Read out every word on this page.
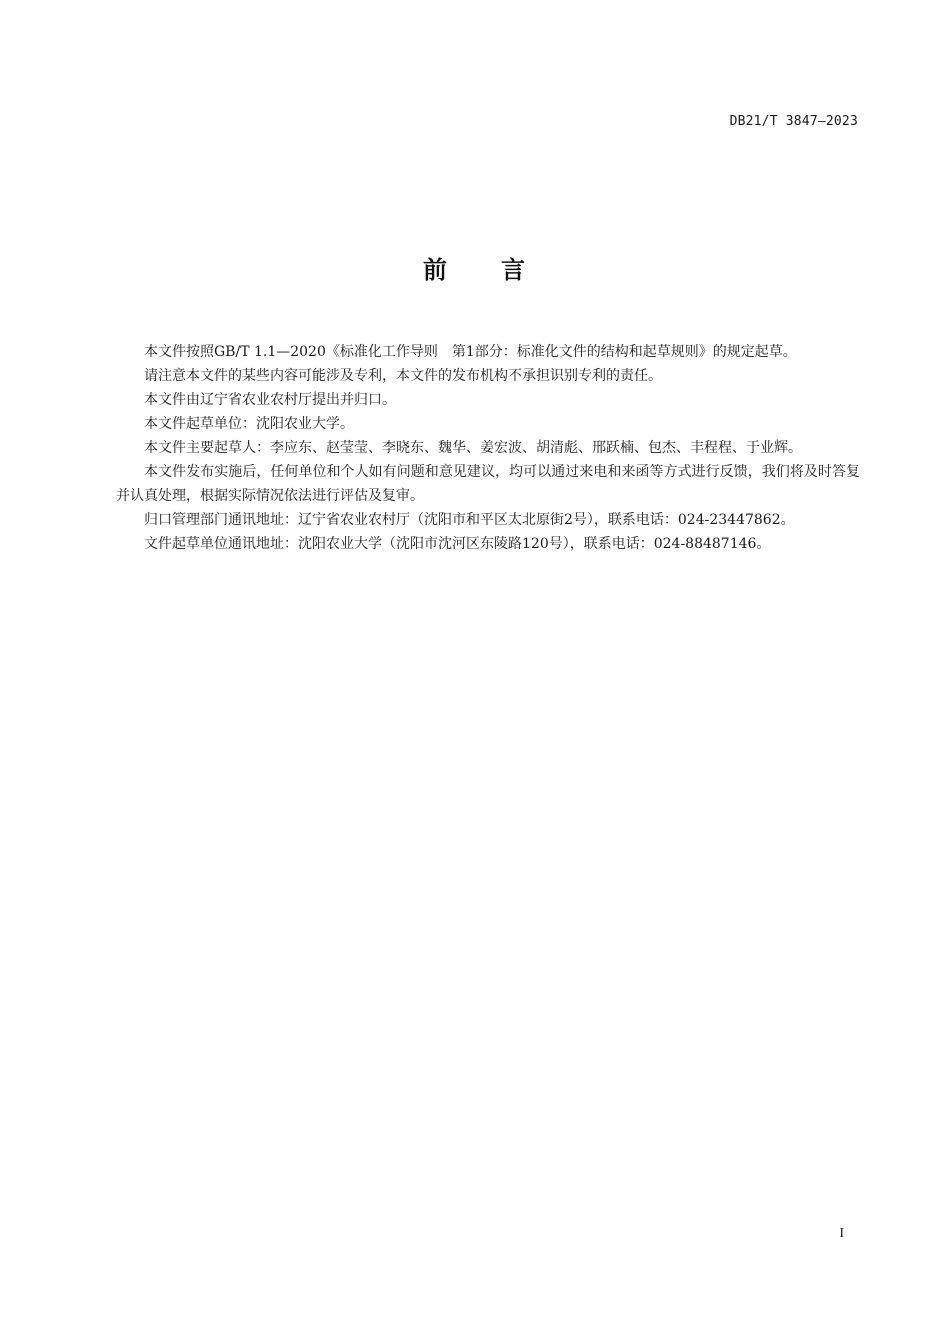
DB21/T 3847—2023
前 言

本文件按照GB/T 1.1—2020《标准化工作导则　第1部分：标准化文件的结构和起草规则》的规定起草。

请注意本文件的某些内容可能涉及专利，本文件的发布机构不承担识别专利的责任。

本文件由辽宁省农业农村厅提出并归口。

本文件起草单位：沈阳农业大学。

本文件主要起草人：李应东、赵莹莹、李晓东、魏华、姜宏波、胡清彪、邢跃楠、包杰、丰程程、于业辉。

本文件发布实施后，任何单位和个人如有问题和意见建议，均可以通过来电和来函等方式进行反馈，我们将及时答复并认真处理，根据实际情况依法进行评估及复审。

归口管理部门通讯地址：辽宁省农业农村厅（沈阳市和平区太北原街2号），联系电话：024-23447862。

文件起草单位通讯地址：沈阳农业大学（沈阳市沈河区东陵路120号），联系电话：024-88487146。

I
